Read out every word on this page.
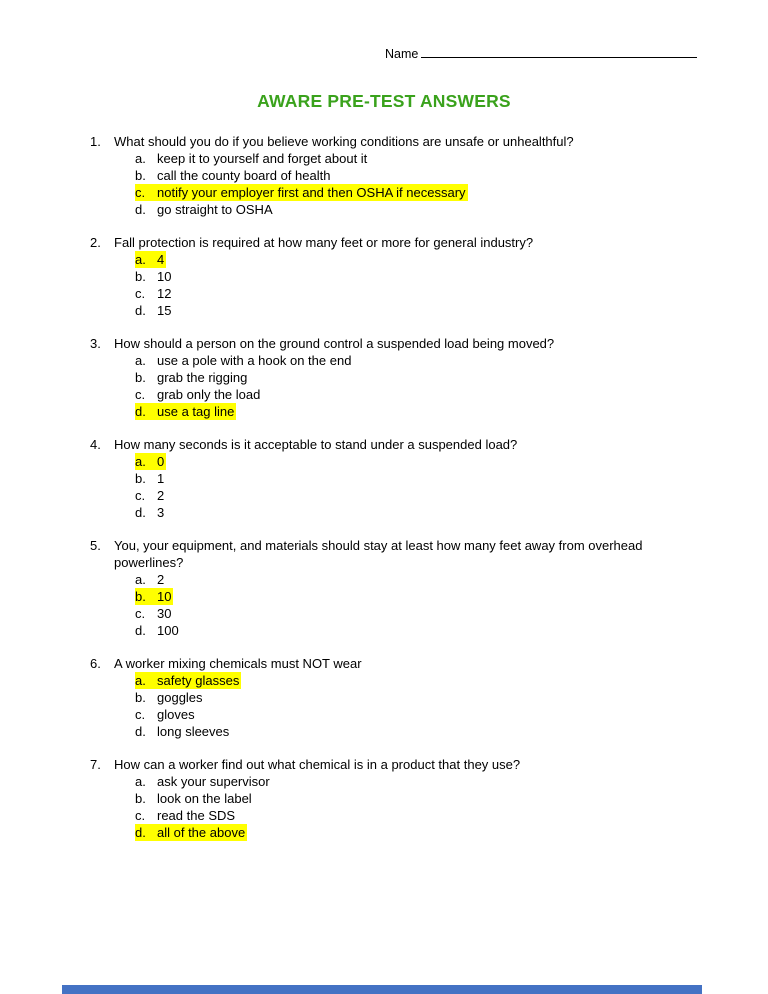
Name
AWARE PRE-TEST ANSWERS
1.	What should you do if you believe working conditions are unsafe or unhealthful?
a. keep it to yourself and forget about it
b. call the county board of health
c. notify your employer first and then OSHA if necessary
d. go straight to OSHA
2.	Fall protection is required at how many feet or more for general industry?
a. 4
b. 10
c. 12
d. 15
3.	How should a person on the ground control a suspended load being moved?
a. use a pole with a hook on the end
b. grab the rigging
c. grab only the load
d. use a tag line
4.	How many seconds is it acceptable to stand under a suspended load?
a. 0
b. 1
c. 2
d. 3
5.	You, your equipment, and materials should stay at least how many feet away from overhead powerlines?
a. 2
b. 10
c. 30
d. 100
6.	A worker mixing chemicals must NOT wear
a. safety glasses
b. goggles
c. gloves
d. long sleeves
7.	How can a worker find out what chemical is in a product that they use?
a. ask your supervisor
b. look on the label
c. read the SDS
d. all of the above
